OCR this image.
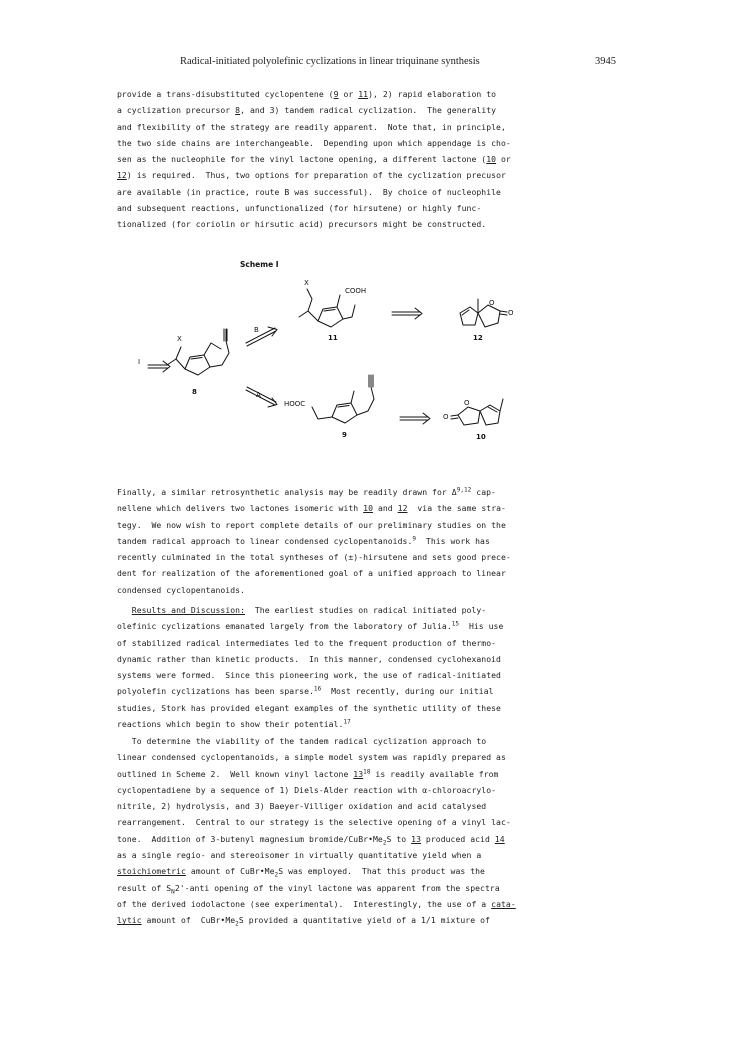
Radical-initiated polyolefinic cyclizations in linear triquinane synthesis	3945
provide a trans-disubstituted cyclopentene (9 or 11), 2) rapid elaboration to
a cyclization precursor 8, and 3) tandem radical cyclization.  The generality
and flexibility of the strategy are readily apparent.  Note that, in principle,
the two side chains are interchangeable.  Depending upon which appendage is cho-
sen as the nucleophile for the vinyl lactone opening, a different lactone (10 or
12) is required.  Thus, two options for preparation of the cyclization precusor
are available (in practice, route B was successful).  By choice of nucleophile
and subsequent reactions, unfunctionalized (for hirsutene) or highly func-
tionalized (for coriolin or hirsutic acid) precursors might be constructed.
Scheme I
I
X
8
B
A
X
COOH
11
O
O
12
HOOC
9
O
O
10
Finally, a similar retrosynthetic analysis may be readily drawn for Δ$^{9,12}$ cap-
nellene which delivers two lactones isomeric with 10 and 12  via the same stra-
tegy.  We now wish to report complete details of our preliminary studies on the
tandem radical approach to linear condensed cyclopentanoids.$^9$  This work has
recently culminated in the total syntheses of (±)-hirsutene and sets good prece-
dent for realization of the aforementioned goal of a unified approach to linear
condensed cyclopentanoids.
Results and Discussion:  The earliest studies on radical initiated poly-
olefinic cyclizations emanated largely from the laboratory of Julia.$^{15}$  His use
of stabilized radical intermediates led to the frequent production of thermo-
dynamic rather than kinetic products.  In this manner, condensed cyclohexanoid
systems were formed.  Since this pioneering work, the use of radical-initiated
polyolefin cyclizations has been sparse.$^{16}$  Most recently, during our initial
studies, Stork has provided elegant examples of the synthetic utility of these
reactions which begin to show their potential.$^{17}$
To determine the viability of the tandem radical cyclization approach to
linear condensed cyclopentanoids, a simple model system was rapidly prepared as
outlined in Scheme 2.  Well known vinyl lactone $13^{18}$ is readily available from
cyclopentadiene by a sequence of 1) Diels-Alder reaction with α-chloroacrylo-
nitrile, 2) hydrolysis, and 3) Baeyer-Villiger oxidation and acid catalysed
rearrangement.  Central to our strategy is the selective opening of a vinyl lac-
tone.  Addition of 3-butenyl magnesium bromide/$CuBr•Me_2S$ to 13 produced acid 14
as a single regio- and stereoisomer in virtually quantitative yield when a
stoichiometric amount of $CuBr•Me_2S$ was employed.  That this product was the
result of $S_N2'$-anti opening of the vinyl lactone was apparent from the spectra
of the derived iodolactone (see experimental).  Interestingly, the use of a cata-
lytic amount of  $CuBr•Me_2S$ provided a quantitative yield of a 1/1 mixture of
